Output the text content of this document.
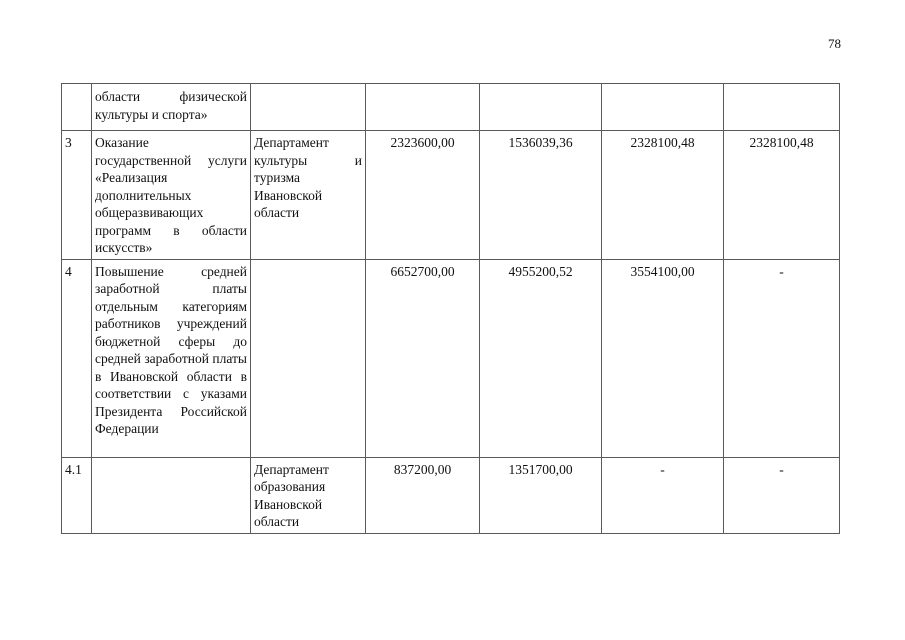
78
	области физической культуры и спорта»					
3	Оказание государственной услуги «Реализация дополнительных общеразвивающих программ в области искусств»	Департамент культуры и туризма Ивановской области	2323600,00	1536039,36	2328100,48	2328100,48
4	Повышение средней заработной платы отдельным категориям работников учреждений бюджетной сферы до средней заработной платы в Ивановской области в соответствии с указами Президента Российской Федерации		6652700,00	4955200,52	3554100,00	-
4.1		Департамент образования Ивановской области	837200,00	1351700,00	-	-
